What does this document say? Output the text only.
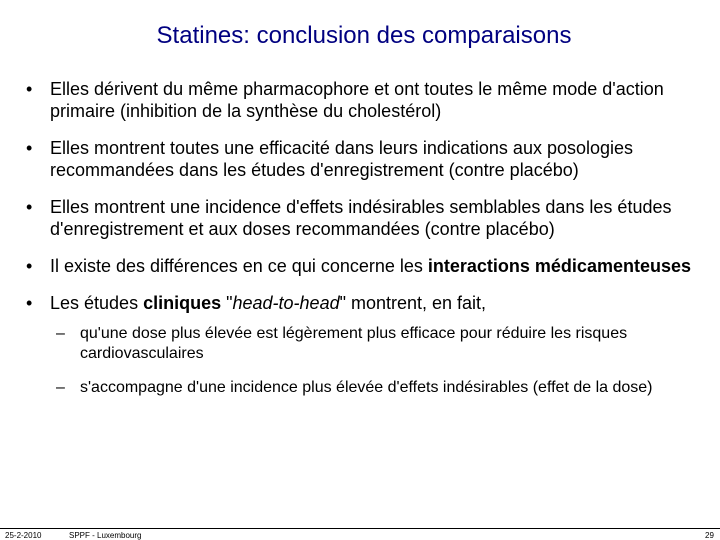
Statines: conclusion des comparaisons
• Elles dérivent du même pharmacophore et ont toutes le même mode d'action primaire (inhibition de la synthèse du cholestérol)
• Elles montrent toutes une efficacité dans leurs indications aux posologies recommandées dans les études d'enregistrement (contre placébo)
• Elles montrent une incidence d'effets indésirables semblables dans les études d'enregistrement et aux doses recommandées (contre placébo)
• Il existe des différences en ce qui concerne les interactions médicamenteuses
• Les études cliniques "head-to-head" montrent, en fait,
– qu'une dose plus élevée est légèrement plus efficace pour réduire les risques cardiovasculaires
– s'accompagne d'une incidence plus élevée d'effets indésirables (effet de la dose)
25-2-2010	SPPF - Luxembourg	29
